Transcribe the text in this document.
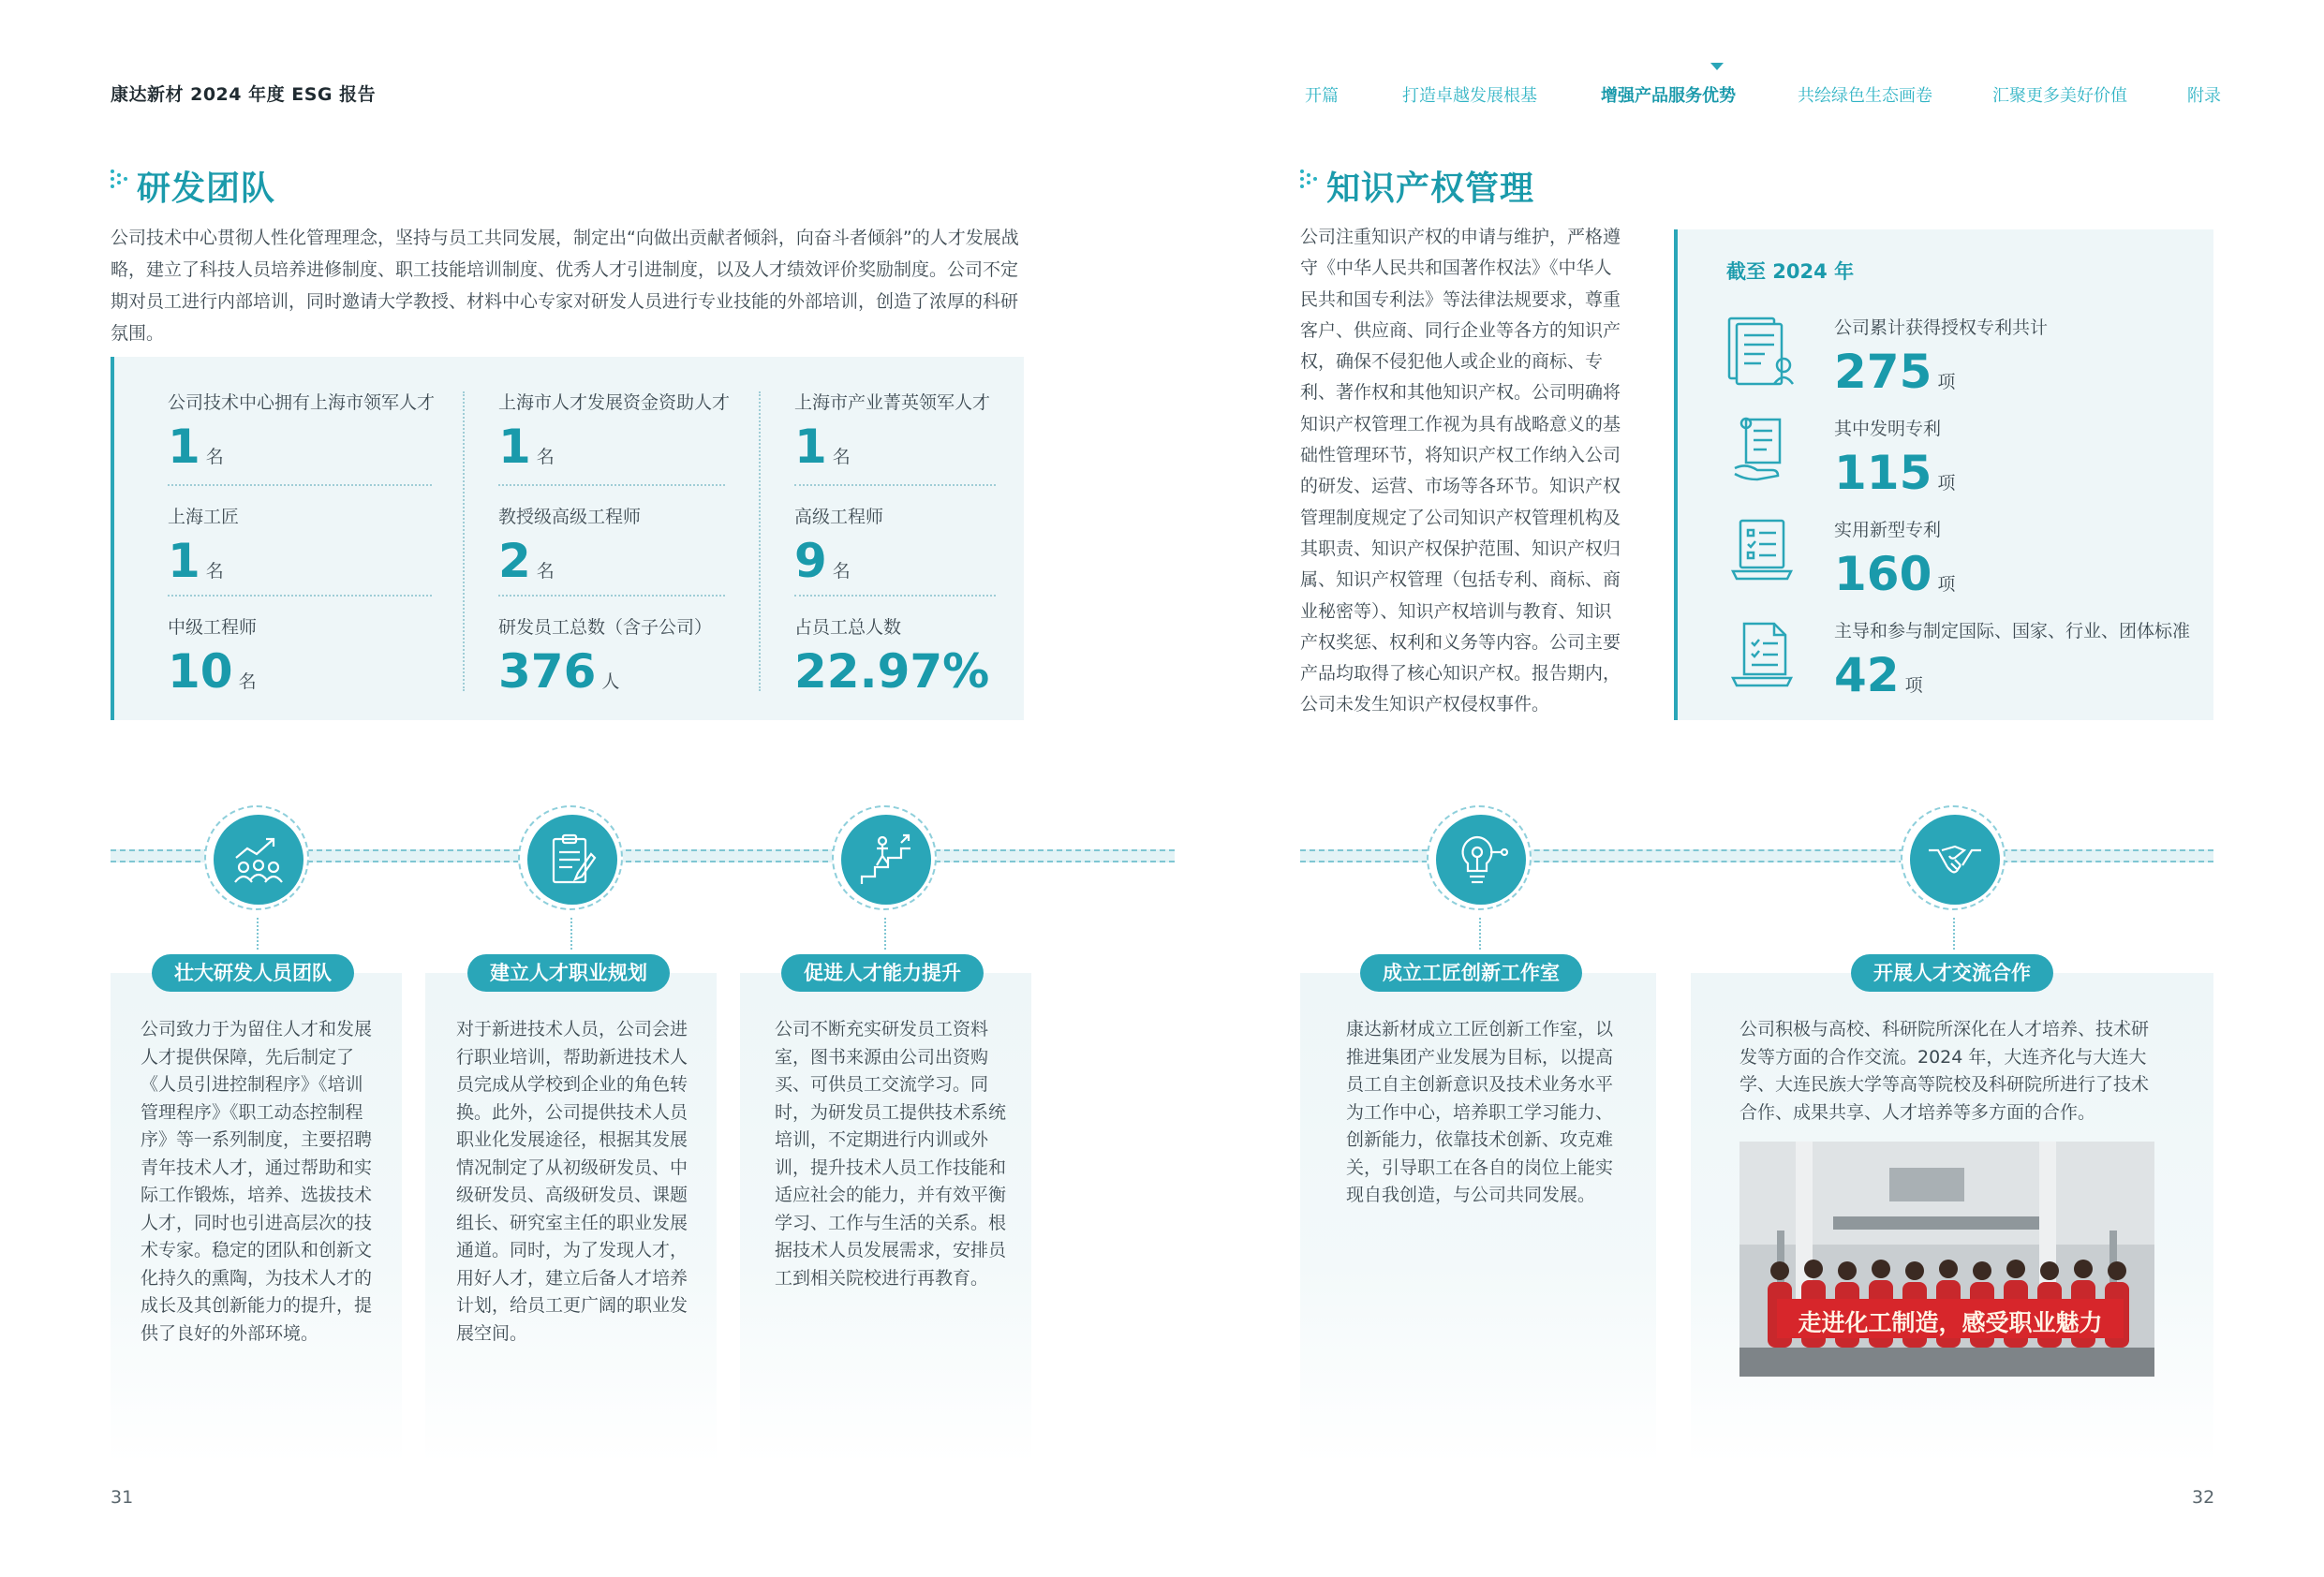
康达新材 2024 年度 ESG 报告	开篇	打造卓越发展根基	增强产品服务优势	共绘绿色生态画卷	汇聚更多美好价值	附录
研发团队
公司技术中心贯彻人性化管理理念，坚持与员工共同发展，制定出“向做出贡献者倾斜，向奋斗者倾斜”的人才发展战略，建立了科技人员培养进修制度、职工技能培训制度、优秀人才引进制度，以及人才绩效评价奖励制度。公司不定期对员工进行内部培训，同时邀请大学教授、材料中心专家对研发人员进行专业技能的外部培训，创造了浓厚的科研氛围。
公司技术中心拥有上海市领军人才
1 名
上海市人才发展资金资助人才
1 名
上海市产业菁英领军人才
1 名
上海工匠
1 名
教授级高级工程师
2 名
高级工程师
9 名
中级工程师
10 名
研发员工总数（含子公司）
376 人
占员工总人数
22.97%
知识产权管理
公司注重知识产权的申请与维护，严格遵守《中华人民共和国著作权法》《中华人民共和国专利法》等法律法规要求，尊重客户、供应商、同行企业等各方的知识产权，确保不侵犯他人或企业的商标、专利、著作权和其他知识产权。公司明确将知识产权管理工作视为具有战略意义的基础性管理环节，将知识产权工作纳入公司的研发、运营、市场等各环节。知识产权管理制度规定了公司知识产权管理机构及其职责、知识产权保护范围、知识产权归属、知识产权管理（包括专利、商标、商业秘密等）、知识产权培训与教育、知识产权奖惩、权利和义务等内容。公司主要产品均取得了核心知识产权。报告期内，公司未发生知识产权侵权事件。
截至 2024 年
公司累计获得授权专利共计
275 项
其中发明专利
115 项
实用新型专利
160 项
主导和参与制定国际、国家、行业、团体标准
42 项
壮大研发人员团队	建立人才职业规划	促进人才能力提升	成立工匠创新工作室	开展人才交流合作
公司致力于为留住人才和发展人才提供保障，先后制定了《人员引进控制程序》《培训管理程序》《职工动态控制程序》等一系列制度，主要招聘青年技术人才，通过帮助和实际工作锻炼，培养、选拔技术人才，同时也引进高层次的技术专家。稳定的团队和创新文化持久的熏陶，为技术人才的成长及其创新能力的提升，提供了良好的外部环境。
对于新进技术人员，公司会进行职业培训，帮助新进技术人员完成从学校到企业的角色转换。此外，公司提供技术人员职业化发展途径，根据其发展情况制定了从初级研发员、中级研发员、高级研发员、课题组长、研究室主任的职业发展通道。同时，为了发现人才，用好人才，建立后备人才培养计划，给员工更广阔的职业发展空间。
公司不断充实研发员工资料室，图书来源由公司出资购买、可供员工交流学习。同时，为研发员工提供技术系统培训，不定期进行内训或外训，提升技术人员工作技能和适应社会的能力，并有效平衡学习、工作与生活的关系。根据技术人员发展需求，安排员工到相关院校进行再教育。
康达新材成立工匠创新工作室，以推进集团产业发展为目标，以提高员工自主创新意识及技术业务水平为工作中心，培养职工学习能力、创新能力，依靠技术创新、攻克难关，引导职工在各自的岗位上能实现自我创造，与公司共同发展。
公司积极与高校、科研院所深化在人才培养、技术研发等方面的合作交流。2024 年，大连齐化与大连大学、大连民族大学等高等院校及科研院所进行了技术合作、成果共享、人才培养等多方面的合作。
走进化工制造，感受职业魅力
31	32
